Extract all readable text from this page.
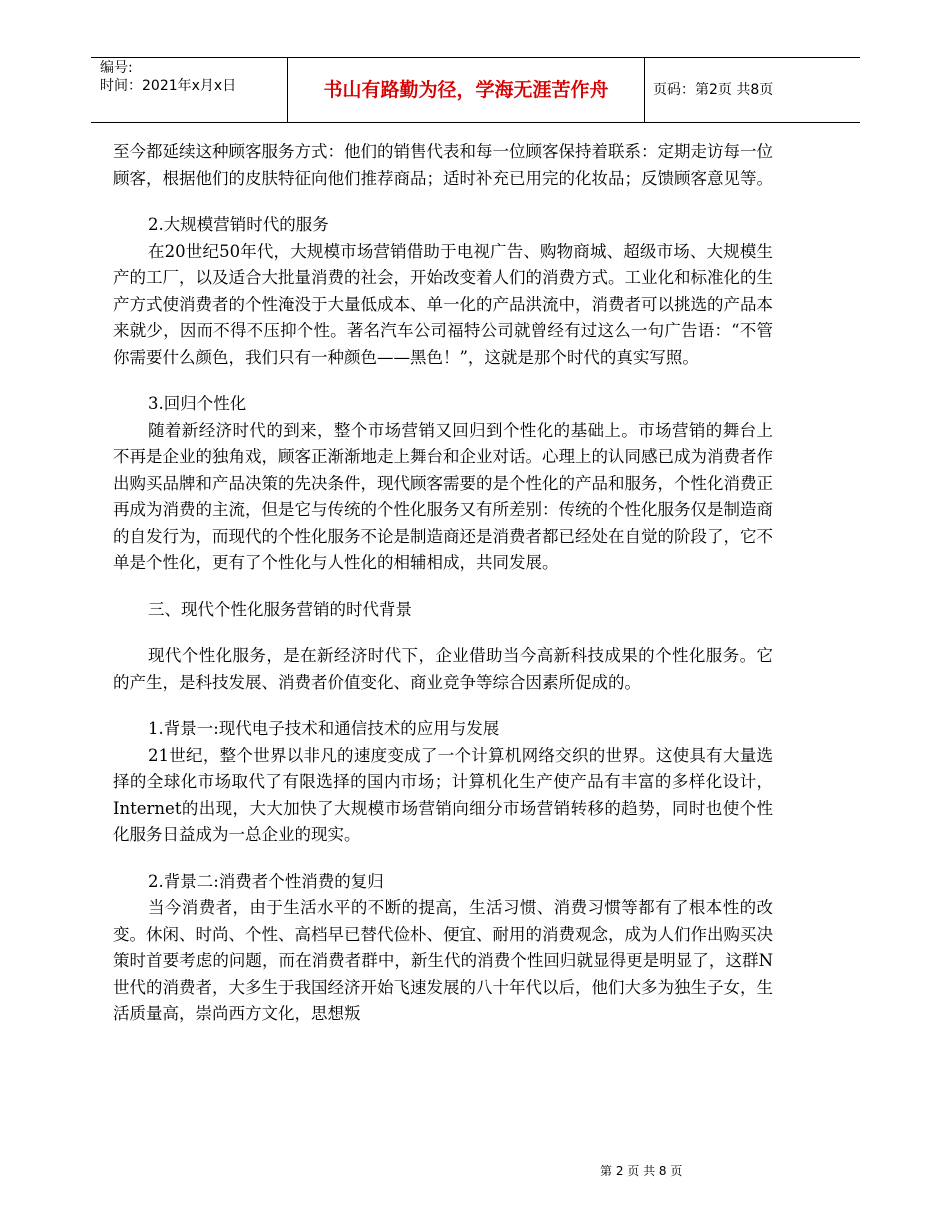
编号:
时间：2021年x月x日	书山有路勤为径，学海无涯苦作舟	页码：第2页 共8页

至今都延续这种顾客服务方式：他们的销售代表和每一位顾客保持着联系：定期走访每一位顾客，根据他们的皮肤特征向他们推荐商品；适时补充已用完的化妆品；反馈顾客意见等。

2.大规模营销时代的服务

在20世纪50年代，大规模市场营销借助于电视广告、购物商城、超级市场、大规模生产的工厂，以及适合大批量消费的社会，开始改变着人们的消费方式。工业化和标准化的生产方式使消费者的个性淹没于大量低成本、单一化的产品洪流中，消费者可以挑选的产品本来就少，因而不得不压抑个性。著名汽车公司福特公司就曾经有过这么一句广告语：“不管你需要什么颜色，我们只有一种颜色——黑色！”，这就是那个时代的真实写照。

3.回归个性化

随着新经济时代的到来，整个市场营销又回归到个性化的基础上。市场营销的舞台上不再是企业的独角戏，顾客正渐渐地走上舞台和企业对话。心理上的认同感已成为消费者作出购买品牌和产品决策的先决条件，现代顾客需要的是个性化的产品和服务，个性化消费正再成为消费的主流，但是它与传统的个性化服务又有所差别：传统的个性化服务仅是制造商的自发行为，而现代的个性化服务不论是制造商还是消费者都已经处在自觉的阶段了，它不单是个性化，更有了个性化与人性化的相辅相成，共同发展。

三、现代个性化服务营销的时代背景

现代个性化服务，是在新经济时代下，企业借助当今高新科技成果的个性化服务。它的产生，是科技发展、消费者价值变化、商业竞争等综合因素所促成的。

1.背景一:现代电子技术和通信技术的应用与发展

21世纪，整个世界以非凡的速度变成了一个计算机网络交织的世界。这使具有大量选择的全球化市场取代了有限选择的国内市场；计算机化生产使产品有丰富的多样化设计，Internet的出现，大大加快了大规模市场营销向细分市场营销转移的趋势，同时也使个性化服务日益成为一总企业的现实。

2.背景二:消费者个性消费的复归

当今消费者，由于生活水平的不断的提高，生活习惯、消费习惯等都有了根本性的改变。休闲、时尚、个性、高档早已替代俭朴、便宜、耐用的消费观念，成为人们作出购买决策时首要考虑的问题，而在消费者群中，新生代的消费个性回归就显得更是明显了，这群N世代的消费者，大多生于我国经济开始飞速发展的八十年代以后，他们大多为独生子女，生活质量高，崇尚西方文化，思想叛

第 2 页 共 8 页
